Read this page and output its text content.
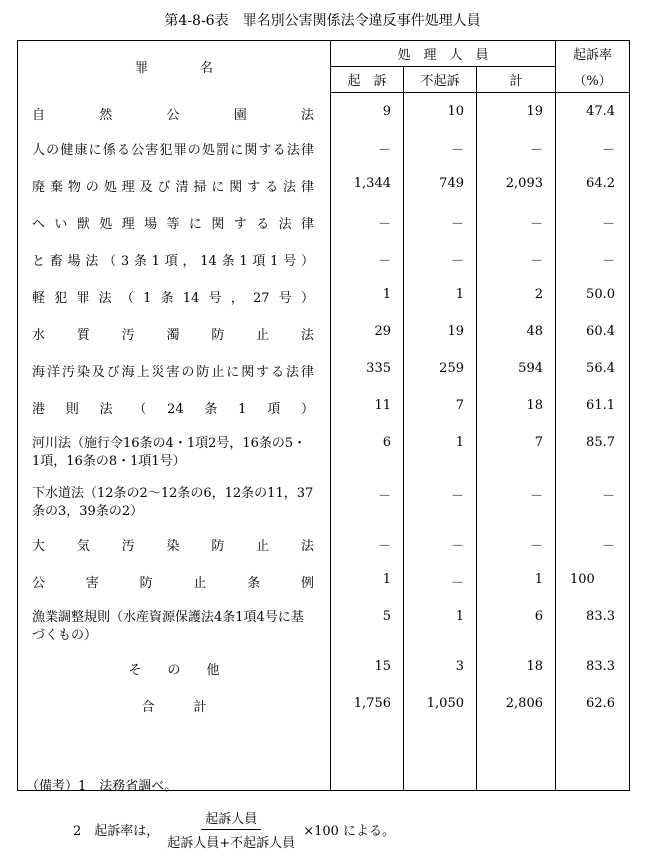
第4-8-6表　罪名別公害関係法令違反事件処理人員
罪　　　　名	処　理　人　員			起訴率
	起　訴	不起訴	計	（%）
自然公園法	9	10	19	47.4
人の健康に係る公害犯罪の処罰に関する法律	－	－	－	－
廃棄物の処理及び清掃に関する法律	1,344	749	2,093	64.2
へい獣処理場等に関する法律	－	－	－	－
と畜場法（3条1項，14条1項1号）	－	－	－	－
軽犯罪法（1条14号，27号）	1	1	2	50.0
水質汚濁防止法	29	19	48	60.4
海洋汚染及び海上災害の防止に関する法律	335	259	594	56.4
港則法（24条1項）	11	7	18	61.1
河川法（施行令16条の4・1項2号，16条の5・1項，16条の8・1項1号）	6	1	7	85.7
下水道法（12条の2～12条の6，12条の11，37条の3，39条の2）	－	－	－	－
大気汚染防止法	－	－	－	－
公害防止条例	1	－	1	100
漁業調整規則（水産資源保護法4条1項4号に基づくもの）	5	1	6	83.3
そ　　の　　他	15	3	18	83.3
合　　　計	1,756	1,050	2,806	62.6

（備考）1　法務省調べ。
2　起訴率は， $\frac{\text{起訴人員}}{\text{起訴人員+不起訴人員}} \times 100$ による。
